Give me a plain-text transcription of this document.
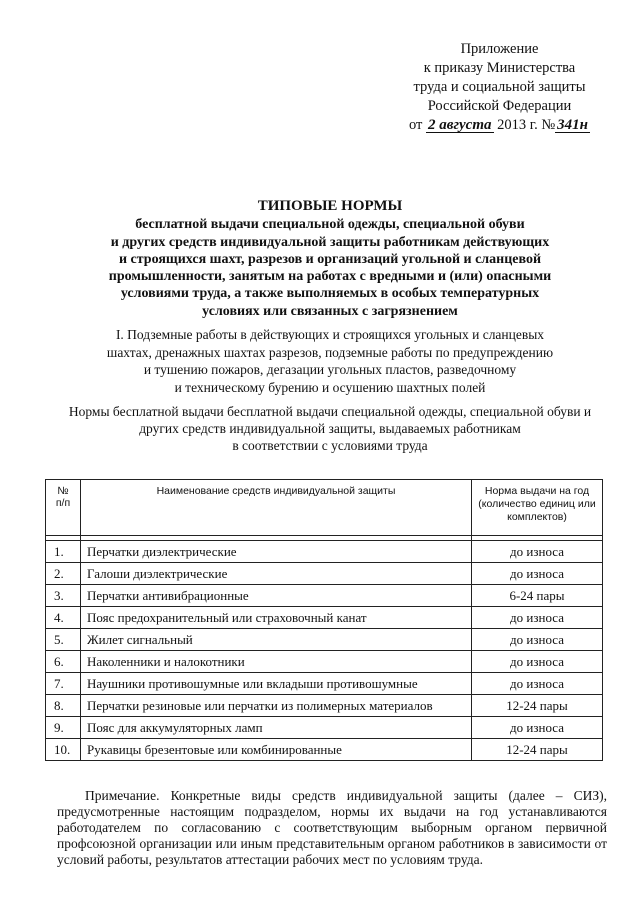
Приложение
к приказу Министерства
труда и социальной защиты
Российской Федерации
от 2 августа 2013 г. № 341н
ТИПОВЫЕ НОРМЫ
бесплатной выдачи специальной одежды, специальной обуви
и других средств индивидуальной защиты работникам действующих
и строящихся шахт, разрезов и организаций угольной и сланцевой
промышленности, занятым на работах с вредными и (или) опасными
условиями труда, а также выполняемых в особых температурных
условиях или связанных с загрязнением
I. Подземные работы в действующих и строящихся угольных и сланцевых
шахтах, дренажных шахтах разрезов, подземные работы по предупреждению
и тушению пожаров, дегазации угольных пластов, разведочному
и техническому бурению и осушению шахтных полей
Нормы бесплатной выдачи бесплатной выдачи специальной одежды, специальной обуви и
других средств индивидуальной защиты, выдаваемых работникам
в соответствии с условиями труда
№ п/п	Наименование средств индивидуальной защиты	Норма выдачи на год (количество единиц или комплектов)

1.	Перчатки диэлектрические	до износа
2.	Галоши диэлектрические	до износа
3.	Перчатки антивибрационные	6-24 пары
4.	Пояс предохранительный или страховочный канат	до износа
5.	Жилет сигнальный	до износа
6.	Наколенники и налокотники	до износа
7.	Наушники противошумные или вкладыши противошумные	до износа
8.	Перчатки резиновые или перчатки из полимерных материалов	12-24 пары
9.	Пояс для аккумуляторных ламп	до износа
10.	Рукавицы брезентовые или комбинированные	12-24 пары

Примечание. Конкретные виды средств индивидуальной защиты (далее – СИЗ), предусмотренные настоящим подразделом, нормы их выдачи на год устанавливаются работодателем по согласованию с соответствующим выборным органом первичной профсоюзной организации или иным представительным органом работников в зависимости от условий работы, результатов аттестации рабочих мест по условиям труда.
